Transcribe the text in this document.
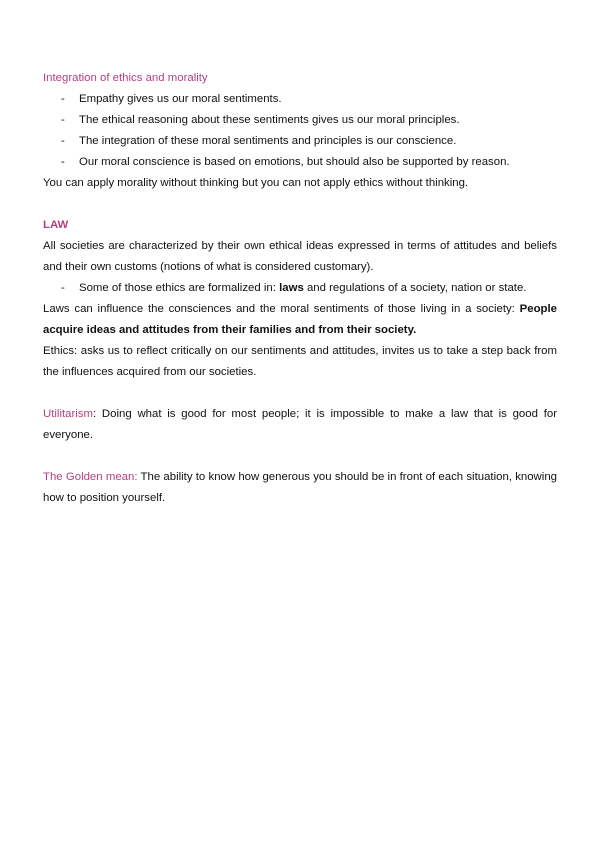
Integration of ethics and morality
- Empathy gives us our moral sentiments.
- The ethical reasoning about these sentiments gives us our moral principles.
- The integration of these moral sentiments and principles is our conscience.
- Our moral conscience is based on emotions, but should also be supported by reason.

You can apply morality without thinking but you can not apply ethics without thinking.

LAW

All societies are characterized by their own ethical ideas expressed in terms of attitudes and beliefs and their own customs (notions of what is considered customary).

- Some of those ethics are formalized in: laws and regulations of a society, nation or state.

Laws can influence the consciences and the moral sentiments of those living in a society: People acquire ideas and attitudes from their families and from their society.

Ethics: asks us to reflect critically on our sentiments and attitudes, invites us to take a step back from the influences acquired from our societies.

Utilitarism: Doing what is good for most people; it is impossible to make a law that is good for everyone.

The Golden mean: The ability to know how generous you should be in front of each situation, knowing how to position yourself.
